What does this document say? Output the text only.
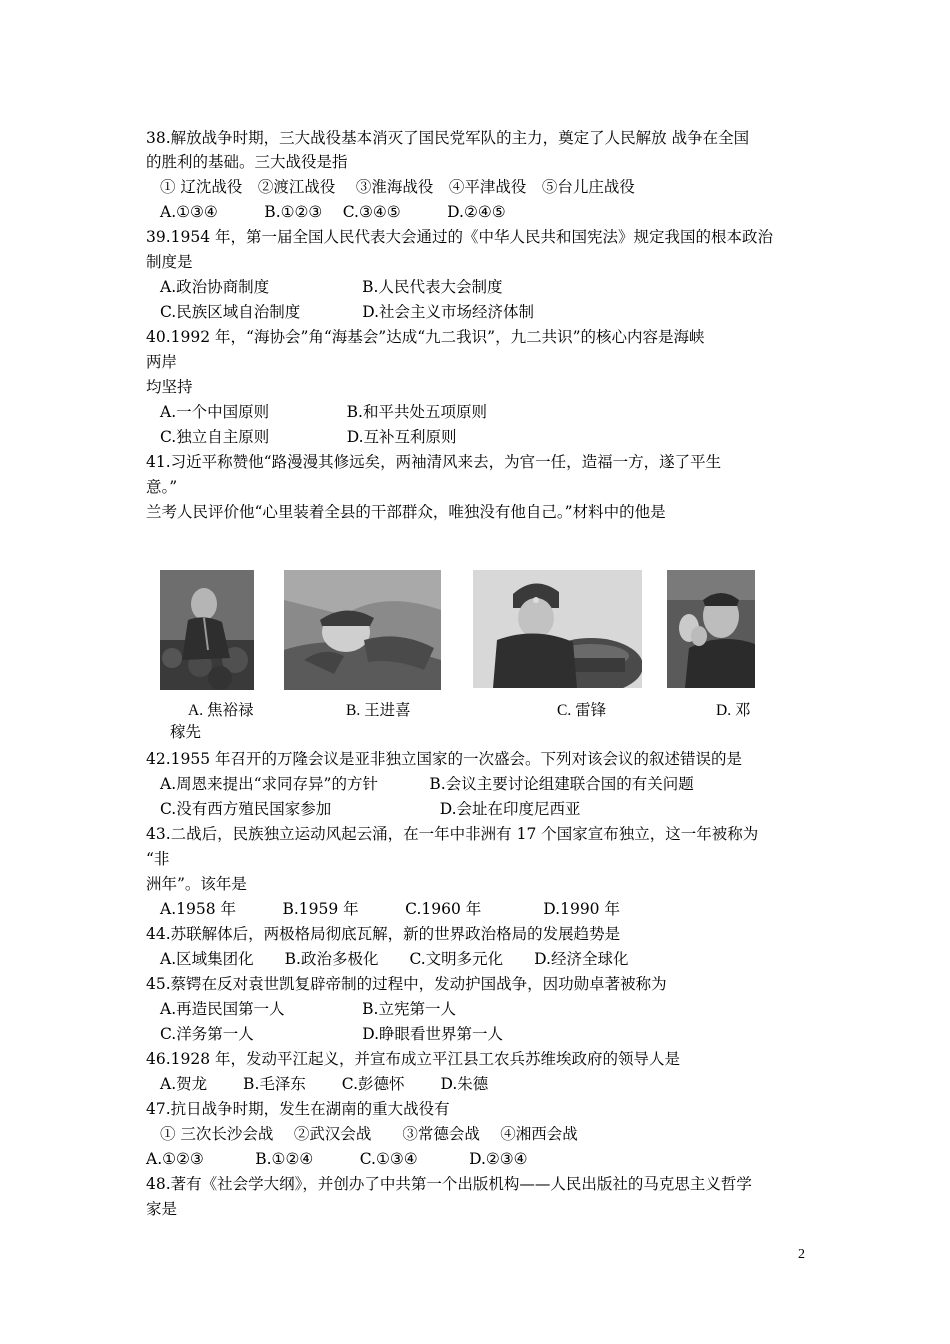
38.解放战争时期，三大战役基本消灭了国民党军队的主力，奠定了人民解放 战争在全国
的胜利的基础。三大战役是指
① 辽沈战役　②渡江战役　 ③淮海战役　④平津战役　⑤台儿庄战役
A.①③④　　　B.①②③　 C.③④⑤　　　D.②④⑤
39.1954 年，第一届全国人民代表大会通过的《中华人民共和国宪法》规定我国的根本政治
制度是
A.政治协商制度　　　　　　B.人民代表大会制度
C.民族区域自治制度　　　　D.社会主义市场经济体制
40.1992 年，“海协会”角“海基会”达成“九二我识”，九二共识”的核心内容是海峡
两岸
均坚持
A.一个中国原则　　　　　B.和平共处五项原则
C.独立自主原则　　　　　D.互补互利原则
41.习近平称赞他“路漫漫其修远矣，两袖清风来去，为官一任，造福一方，遂了平生
意。”
兰考人民评价他“心里装着全县的干部群众，唯独没有他自己。”材料中的他是
A. 焦裕禄	B. 王进喜	C. 雷锋	D. 邓
稼先
42.1955 年召开的万隆会议是亚非独立国家的一次盛会。下列对该会议的叙述错误的是
A.周恩来提出“求同存异”的方针　　　 B.会议主要讨论组建联合国的有关问题
C.没有西方殖民国家参加　　　　　　　D.会址在印度尼西亚
43.二战后，民族独立运动风起云涌，在一年中非洲有 17 个国家宣布独立，这一年被称为
“非
洲年”。该年是
A.1958 年　　　B.1959 年　　　C.1960 年　　　　D.1990 年
44.苏联解体后，两极格局彻底瓦解，新的世界政治格局的发展趋势是
A.区域集团化　　B.政治多极化　　C.文明多元化　　D.经济全球化
45.蔡锷在反对袁世凯复辟帝制的过程中，发动护国战争，因功勋卓著被称为
A.再造民国第一人　　　　　B.立宪第一人
C.洋务第一人　　　　　　　D.睁眼看世界第一人
46.1928 年，发动平江起义，并宣布成立平江县工农兵苏维埃政府的领导人是
A.贺龙　　 B.毛泽东　　 C.彭德怀　　 D.朱德
47.抗日战争时期，发生在湖南的重大战役有
① 三次长沙会战　 ②武汉会战　　③常德会战　 ④湘西会战
A.①②③　　　 B.①②④　　　C.①③④　　　 D.②③④
48.著有《社会学大纲》，并创办了中共第一个出版机构——人民出版社的马克思主义哲学
家是
2
